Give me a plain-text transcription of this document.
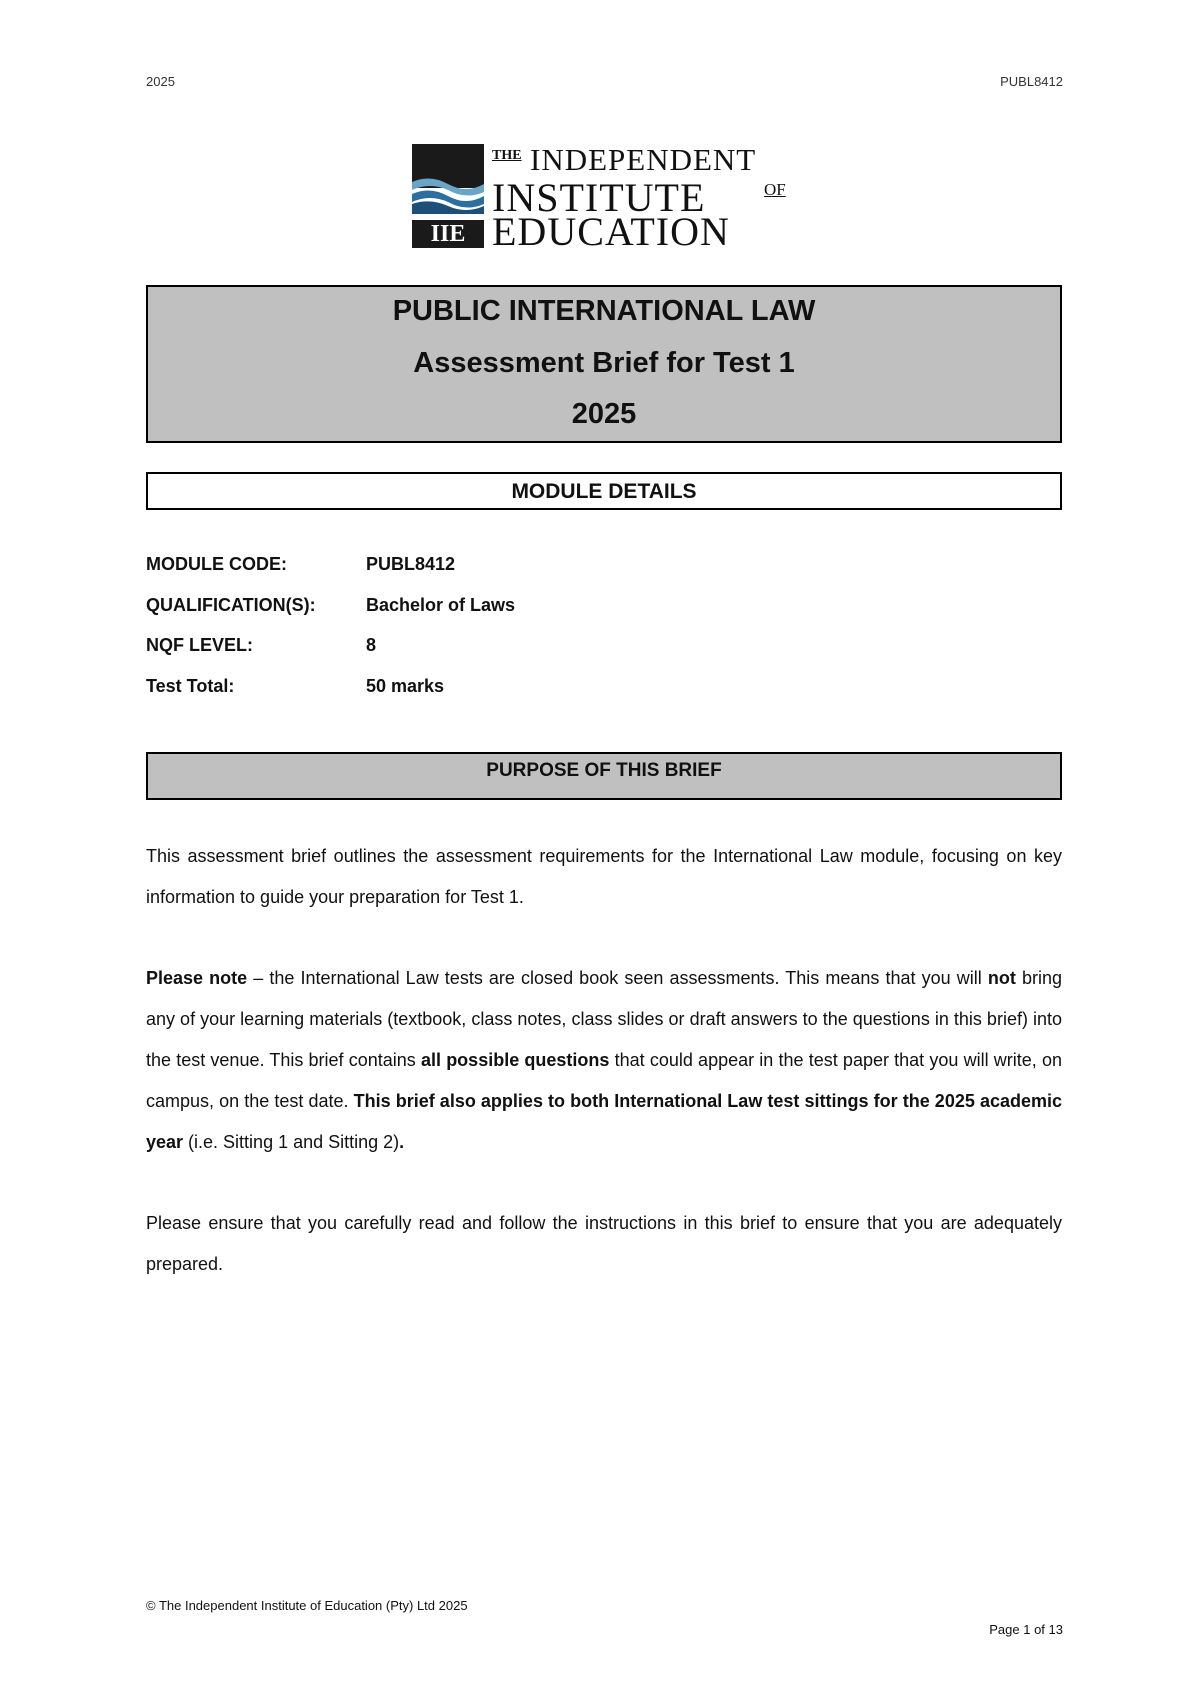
2025	PUBL8412
IIE
THE INDEPENDENT
INSTITUTE	OF
EDUCATION
PUBLIC INTERNATIONAL LAW
Assessment Brief for Test 1
2025
MODULE DETAILS
MODULE CODE:	PUBL8412
QUALIFICATION(S):	Bachelor of Laws
NQF LEVEL:	8
Test Total:	50 marks
PURPOSE OF THIS BRIEF
This assessment brief outlines the assessment requirements for the International Law module, focusing on key information to guide your preparation for Test 1.
Please note – the International Law tests are closed book seen assessments. This means that you will not bring any of your learning materials (textbook, class notes, class slides or draft answers to the questions in this brief) into the test venue. This brief contains all possible questions that could appear in the test paper that you will write, on campus, on the test date. This brief also applies to both International Law test sittings for the 2025 academic year (i.e. Sitting 1 and Sitting 2).
Please ensure that you carefully read and follow the instructions in this brief to ensure that you are adequately prepared.
© The Independent Institute of Education (Pty) Ltd 2025
Page 1 of 13
